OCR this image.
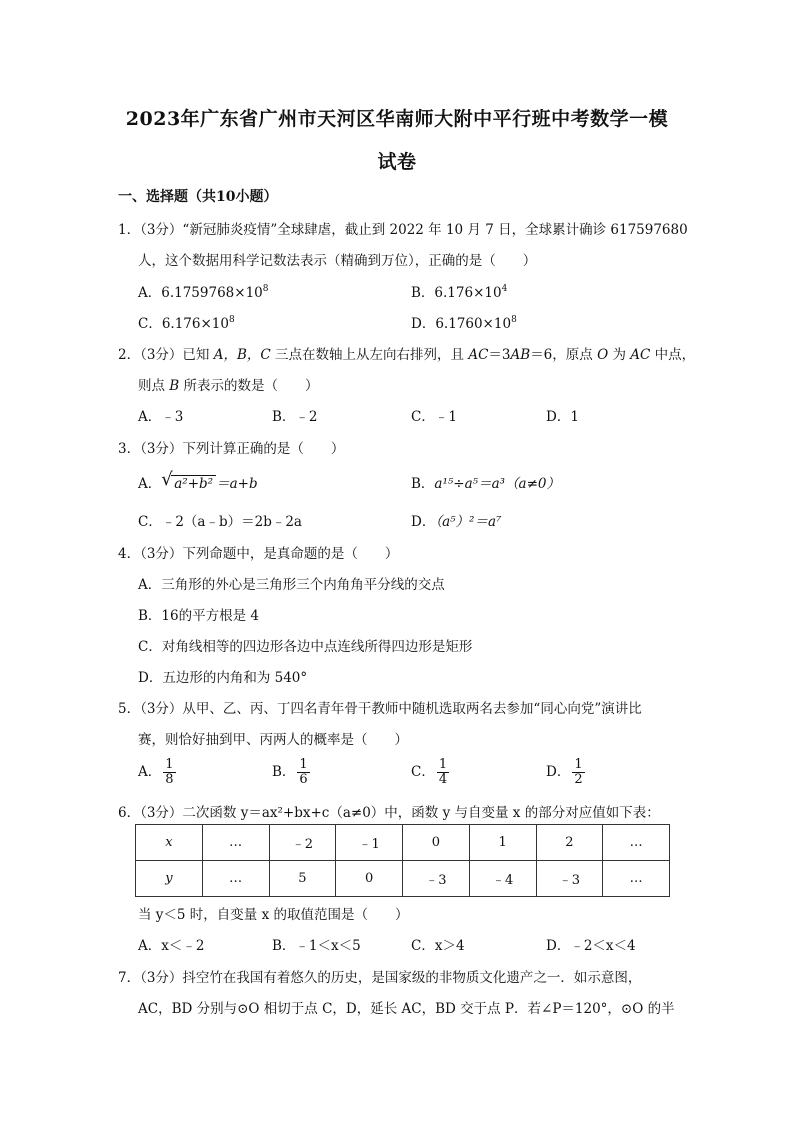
2023年广东省广州市天河区华南师大附中平行班中考数学一模
试卷
一、选择题（共10小题）
1．（3分）“新冠肺炎疫情”全球肆虐，截止到 2022 年 10 月 7 日，全球累计确诊 617597680
人，这个数据用科学记数法表示（精确到万位），正确的是（　　）
A．$6.1759768\times 10^8$	B．$6.176\times 10^4$
C．$6.176\times 10^8$	D．$6.1760\times 10^8$
2．（3分）已知 A，B，C 三点在数轴上从左向右排列，且 AC＝3AB＝6，原点 O 为 AC 中点，
则点 B 所表示的数是（　　）
A．﹣3	B．﹣2	C．﹣1	D．1
3．（3分）下列计算正确的是（　　）
A． √ a²+b² ＝a+b	B．a¹⁵÷a⁵＝a³（a≠0）
C．﹣2（a﹣b）＝2b﹣2a	D．（a⁵）²＝a⁷
4．（3分）下列命题中，是真命题的是（　　）
A．三角形的外心是三角形三个内角角平分线的交点
B．16的平方根是 4
C．对角线相等的四边形各边中点连线所得四边形是矩形
D．五边形的内角和为 540°
5．（3分）从甲、乙、丙、丁四名青年骨干教师中随机选取两名去参加“同心向党”演讲比
赛，则恰好抽到甲、丙两人的概率是（　　）
A． $\frac{1}{8}$	B． $\frac{1}{6}$	C． $\frac{1}{4}$	D． $\frac{1}{2}$
6．（3分）二次函数 y＝ax²+bx+c（a≠0）中，函数 y 与自变量 x 的部分对应值如下表：
x	…	﹣2	﹣1	0	1	2	…
y	…	5	0	﹣3	﹣4	﹣3	…
当 y＜5 时，自变量 x 的取值范围是（　　）
A．x＜﹣2	B．﹣1＜x＜5	C．x＞4	D．﹣2＜x＜4
7．（3分）抖空竹在我国有着悠久的历史，是国家级的非物质文化遗产之一．如示意图，
AC，BD 分别与⊙O 相切于点 C，D，延长 AC，BD 交于点 P．若∠P＝120°，⊙O 的半
